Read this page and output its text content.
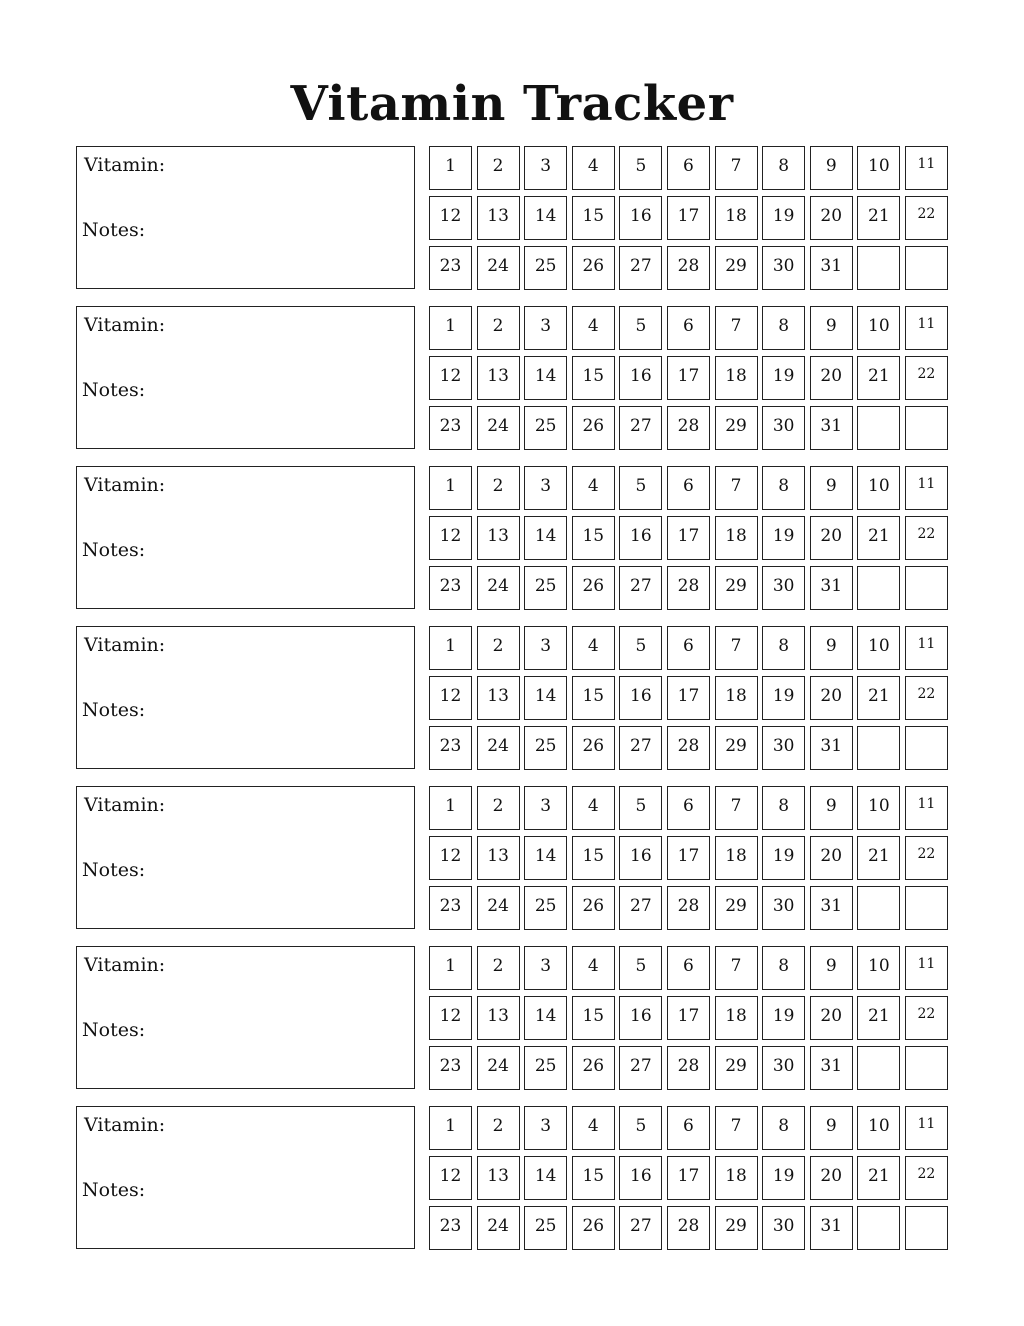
Vitamin Tracker
Vitamin:
Notes:
1	2	3	4	5	6	7	8	9	10	11
12	13	14	15	16	17	18	19	20	21	22
23	24	25	26	27	28	29	30	31
Vitamin:
Notes:
1	2	3	4	5	6	7	8	9	10	11
12	13	14	15	16	17	18	19	20	21	22
23	24	25	26	27	28	29	30	31
Vitamin:
Notes:
1	2	3	4	5	6	7	8	9	10	11
12	13	14	15	16	17	18	19	20	21	22
23	24	25	26	27	28	29	30	31
Vitamin:
Notes:
1	2	3	4	5	6	7	8	9	10	11
12	13	14	15	16	17	18	19	20	21	22
23	24	25	26	27	28	29	30	31
Vitamin:
Notes:
1	2	3	4	5	6	7	8	9	10	11
12	13	14	15	16	17	18	19	20	21	22
23	24	25	26	27	28	29	30	31
Vitamin:
Notes:
1	2	3	4	5	6	7	8	9	10	11
12	13	14	15	16	17	18	19	20	21	22
23	24	25	26	27	28	29	30	31
Vitamin:
Notes:
1	2	3	4	5	6	7	8	9	10	11
12	13	14	15	16	17	18	19	20	21	22
23	24	25	26	27	28	29	30	31
